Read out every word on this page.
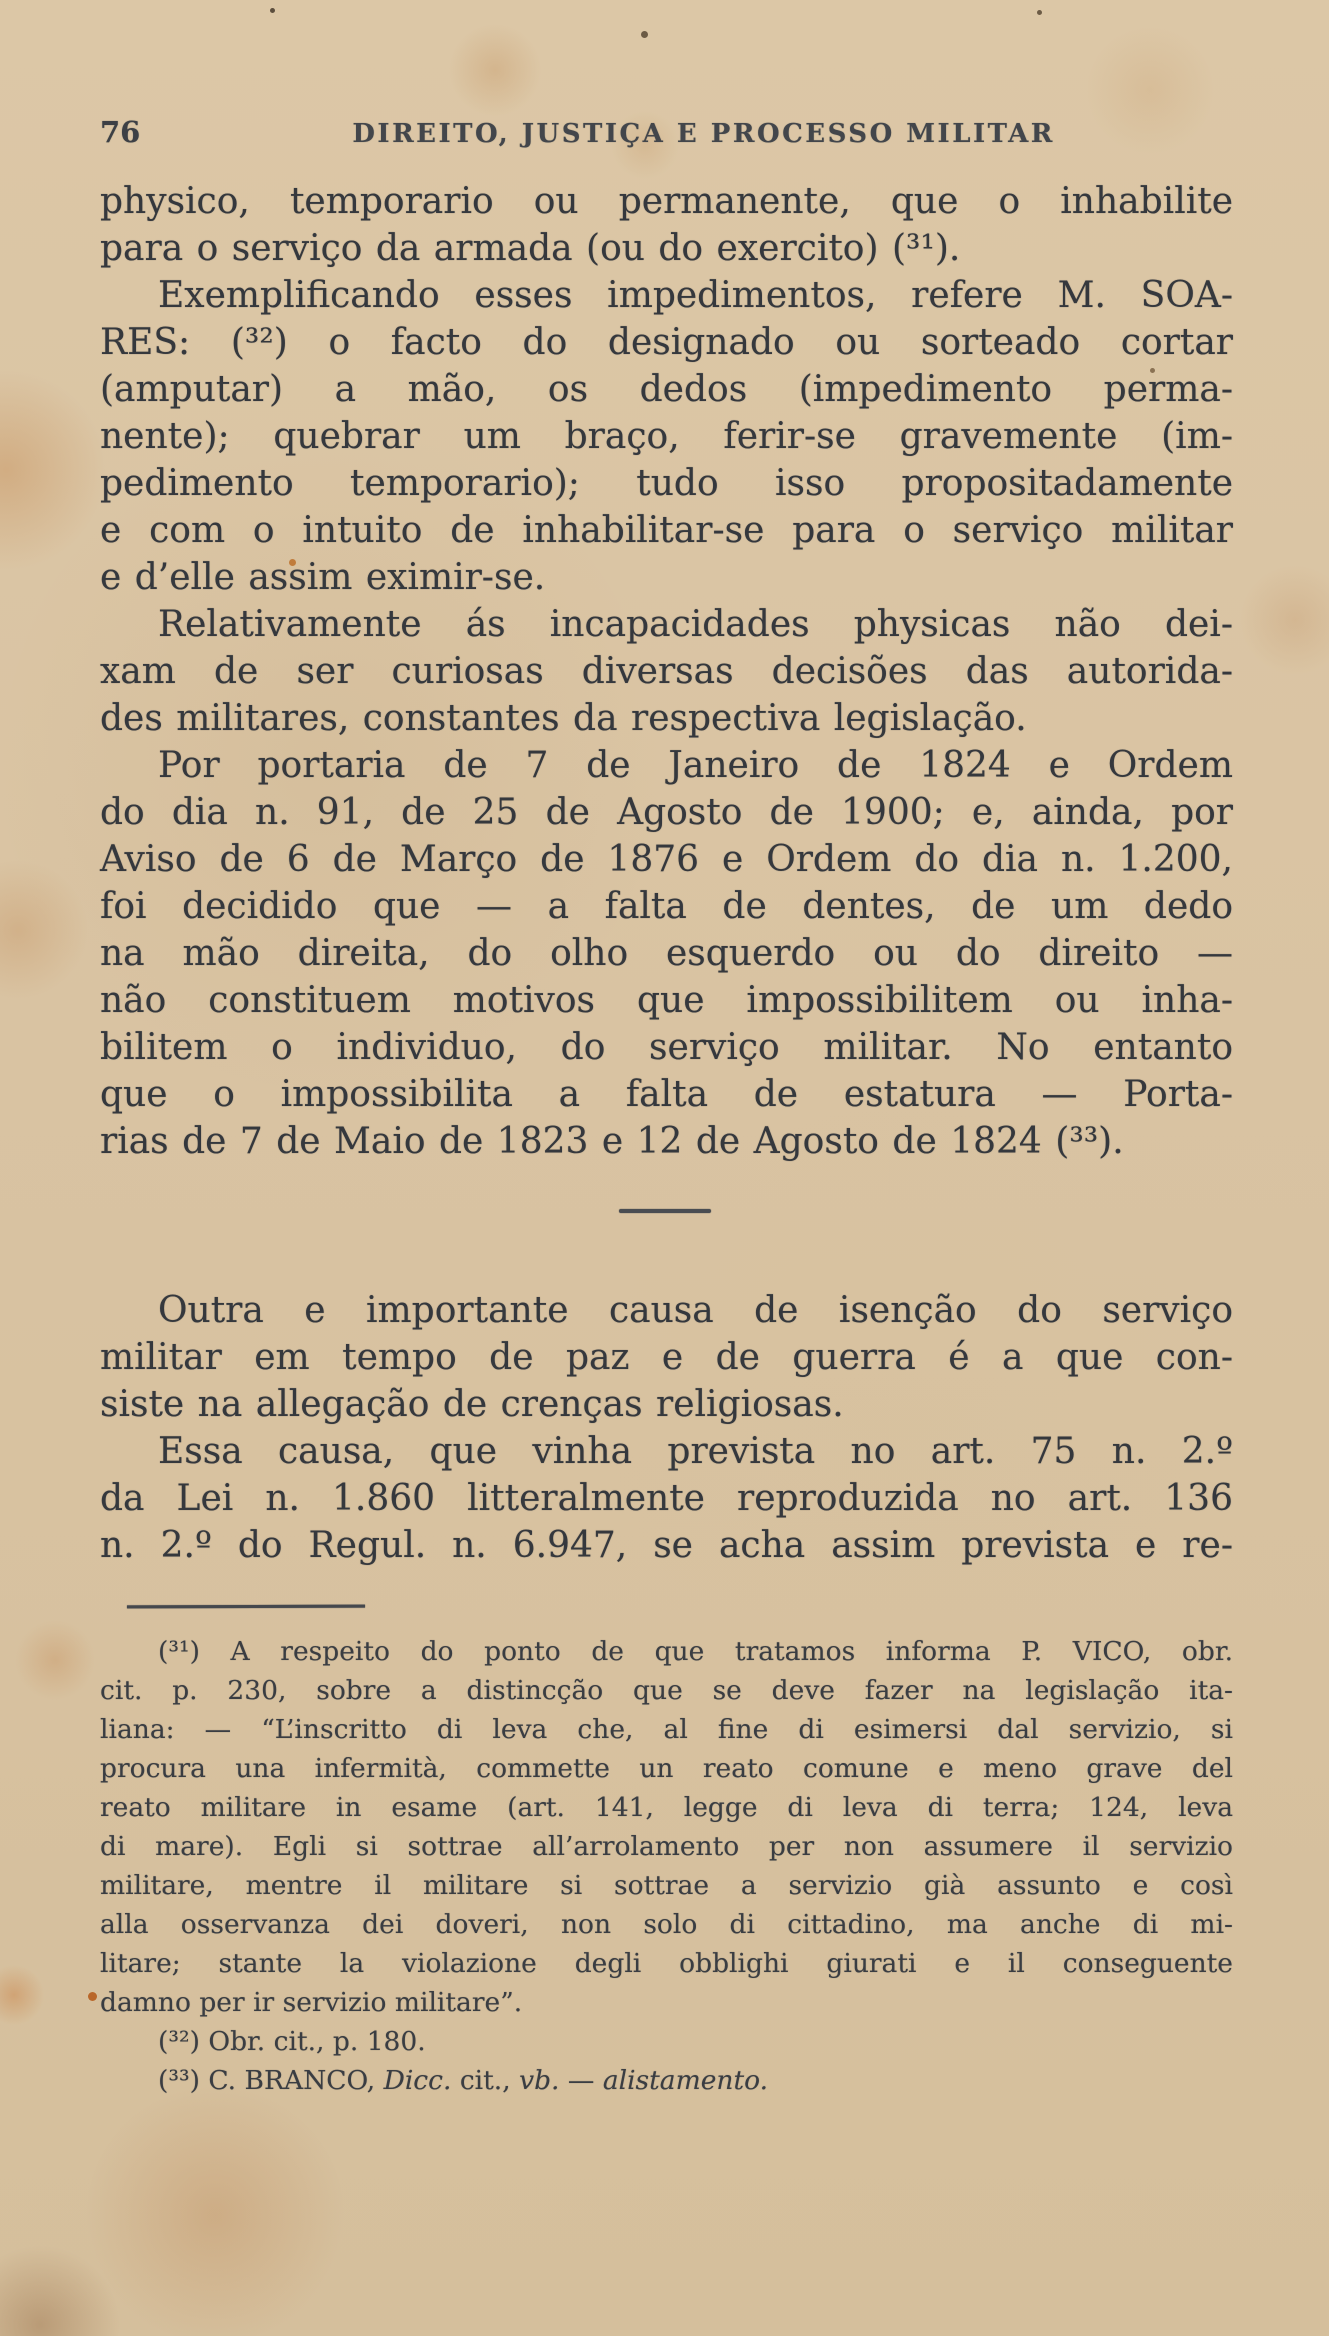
76	DIREITO, JUSTIÇA E PROCESSO MILITAR
physico, temporario ou permanente, que o inhabilite
para o serviço da armada (ou do exercito) (³¹).
Exemplificando esses impedimentos, refere M. SOA-
RES: (³²) o facto do designado ou sorteado cortar
(amputar) a mão, os dedos (impedimento perma-
nente); quebrar um braço, ferir-se gravemente (im-
pedimento temporario); tudo isso propositadamente
e com o intuito de inhabilitar-se para o serviço militar
e d’elle assim eximir-se.
Relativamente ás incapacidades physicas não dei-
xam de ser curiosas diversas decisões das autorida-
des militares, constantes da respectiva legislação.
Por portaria de 7 de Janeiro de 1824 e Ordem
do dia n. 91, de 25 de Agosto de 1900; e, ainda, por
Aviso de 6 de Março de 1876 e Ordem do dia n. 1.200,
foi decidido que — a falta de dentes, de um dedo
na mão direita, do olho esquerdo ou do direito —
não constituem motivos que impossibilitem ou inha-
bilitem o individuo, do serviço militar. No entanto
que o impossibilita a falta de estatura — Porta-
rias de 7 de Maio de 1823 e 12 de Agosto de 1824 (³³).
Outra e importante causa de isenção do serviço
militar em tempo de paz e de guerra é a que con-
siste na allegação de crenças religiosas.
Essa causa, que vinha prevista no art. 75 n. 2.º
da Lei n. 1.860 litteralmente reproduzida no art. 136
n. 2.º do Regul. n. 6.947, se acha assim prevista e re-
(³¹) A respeito do ponto de que tratamos informa P. VICO, obr.
cit. p. 230, sobre a distincção que se deve fazer na legislação ita-
liana: — “L’inscritto di leva che, al fine di esimersi dal servizio, si
procura una infermità, commette un reato comune e meno grave del
reato militare in esame (art. 141, legge di leva di terra; 124, leva
di mare). Egli si sottrae all’arrolamento per non assumere il servizio
militare, mentre il militare si sottrae a servizio già assunto e così
alla osservanza dei doveri, non solo di cittadino, ma anche di mi-
litare; stante la violazione degli obblighi giurati e il conseguente
damno per ir servizio militare”.
(³²) Obr. cit., p. 180.
(³³) C. BRANCO, Dicc. cit., vb. — alistamento.
